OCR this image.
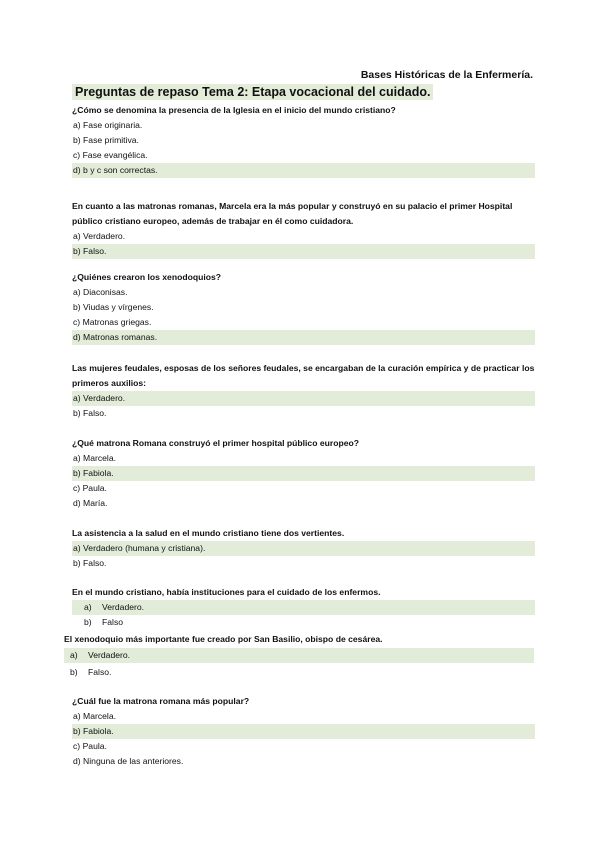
Bases Históricas de la Enfermería.
Preguntas de repaso Tema 2: Etapa vocacional del cuidado.
¿Cómo se denomina la presencia de la Iglesia en el inicio del mundo cristiano?
a) Fase originaria.
b) Fase primitiva.
c) Fase evangélica.
d) b y c son correctas.
En cuanto a las matronas romanas, Marcela era la más popular y construyó en su palacio el primer Hospital público cristiano europeo, además de trabajar en él como cuidadora.
a) Verdadero.
b) Falso.
¿Quiénes crearon los xenodoquios?
a) Diaconisas.
b) Viudas y vírgenes.
c) Matronas griegas.
d) Matronas romanas.
Las mujeres feudales, esposas de los señores feudales, se encargaban de la curación empírica y de practicar los primeros auxilios:
a) Verdadero.
b) Falso.
¿Qué matrona Romana construyó el primer hospital público europeo?
a) Marcela.
b) Fabiola.
c) Paula.
d) María.
La asistencia a la salud en el mundo cristiano tiene dos vertientes.
a) Verdadero (humana y cristiana).
b) Falso.
En el mundo cristiano, había instituciones para el cuidado de los enfermos.
a) Verdadero.
b) Falso
El xenodoquio más importante fue creado por San Basilio, obispo de cesárea.
a) Verdadero.
b) Falso.
¿Cuál fue la matrona romana más popular?
a) Marcela.
b) Fabiola.
c) Paula.
d) Ninguna de las anteriores.
